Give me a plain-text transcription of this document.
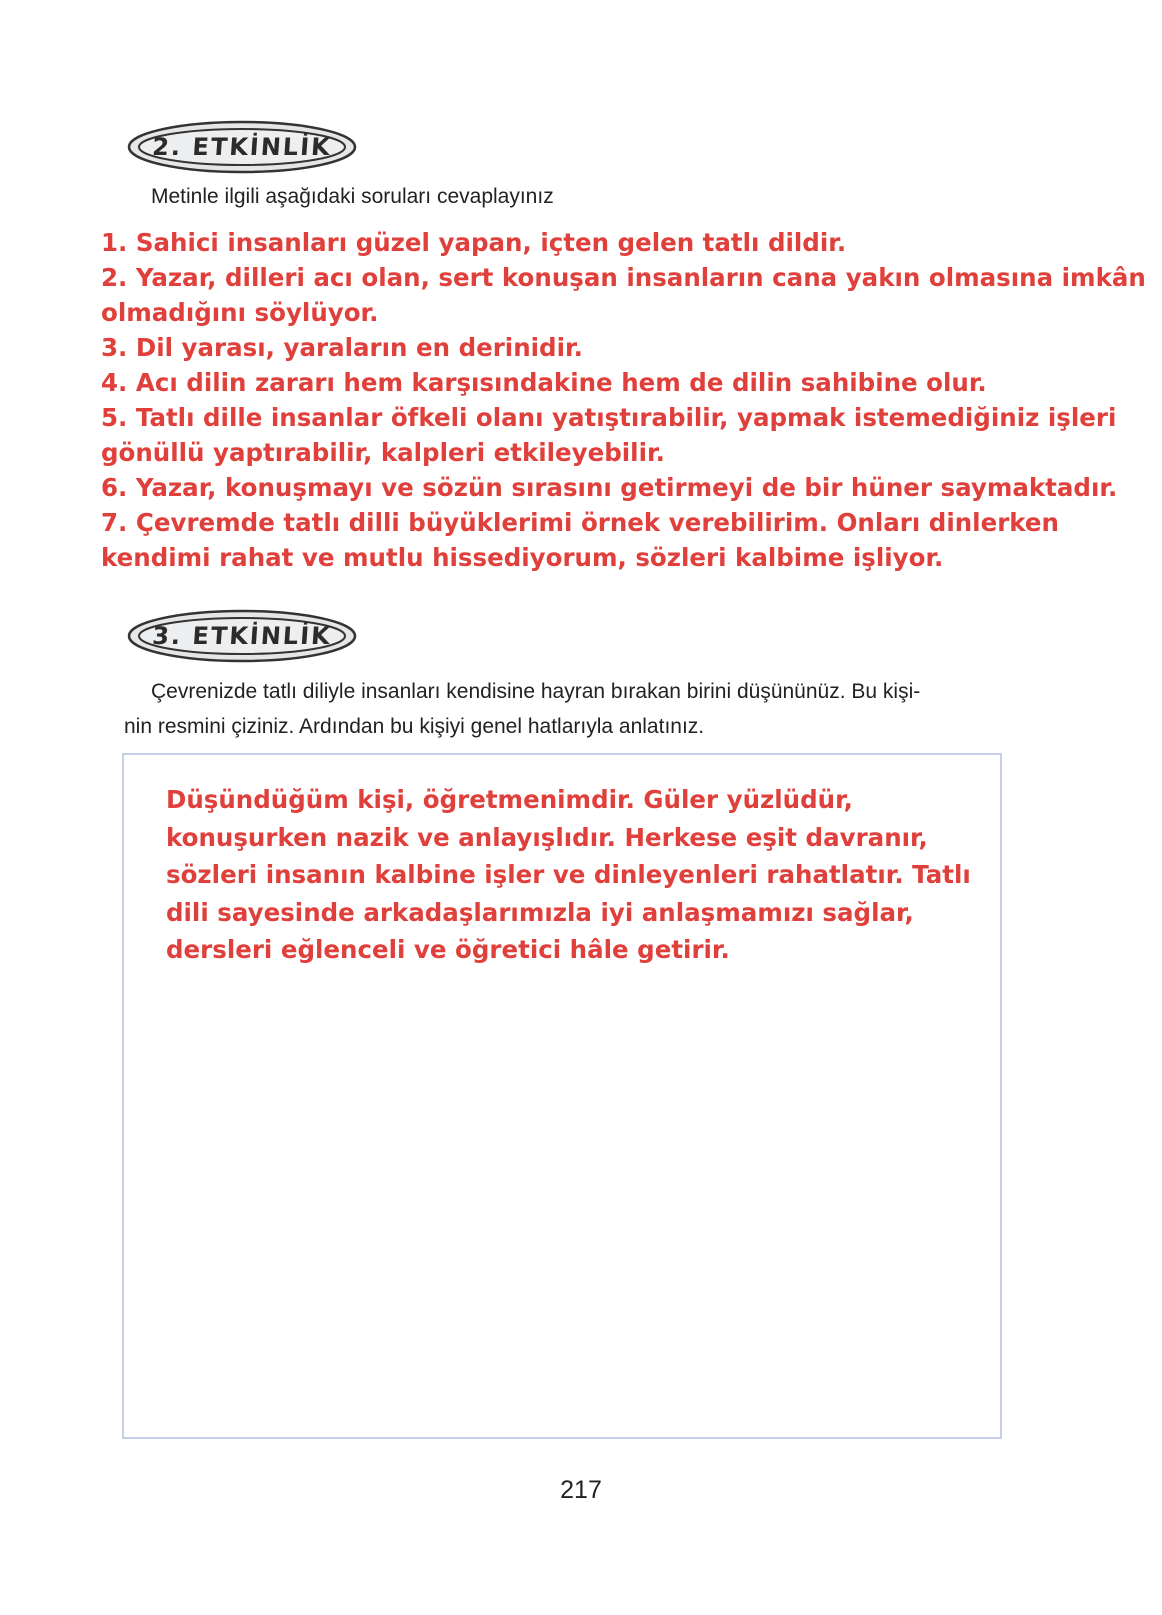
2. ETKİNLİK
Metinle ilgili aşağıdaki soruları cevaplayınız

1. Sahici insanları güzel yapan, içten gelen tatlı dildir.

2. Yazar, dilleri acı olan, sert konuşan insanların cana yakın olmasına imkân olmadığını söylüyor.

3. Dil yarası, yaraların en derinidir.

4. Acı dilin zararı hem karşısındakine hem de dilin sahibine olur.

5. Tatlı dille insanlar öfkeli olanı yatıştırabilir, yapmak istemediğiniz işleri gönüllü yaptırabilir, kalpleri etkileyebilir.

6. Yazar, konuşmayı ve sözün sırasını getirmeyi de bir hüner saymaktadır.

7. Çevremde tatlı dilli büyüklerimi örnek verebilirim. Onları dinlerken kendimi rahat ve mutlu hissediyorum, sözleri kalbime işliyor.

3. ETKİNLİK
Çevrenizde tatlı diliyle insanları kendisine hayran bırakan birini düşününüz. Bu kişi-
nin resmini çiziniz. Ardından bu kişiyi genel hatlarıyla anlatınız.
Düşündüğüm kişi, öğretmenimdir. Güler yüzlüdür,
konuşurken nazik ve anlayışlıdır. Herkese eşit davranır,
sözleri insanın kalbine işler ve dinleyenleri rahatlatır. Tatlı
dili sayesinde arkadaşlarımızla iyi anlaşmamızı sağlar,
dersleri eğlenceli ve öğretici hâle getirir.
217
